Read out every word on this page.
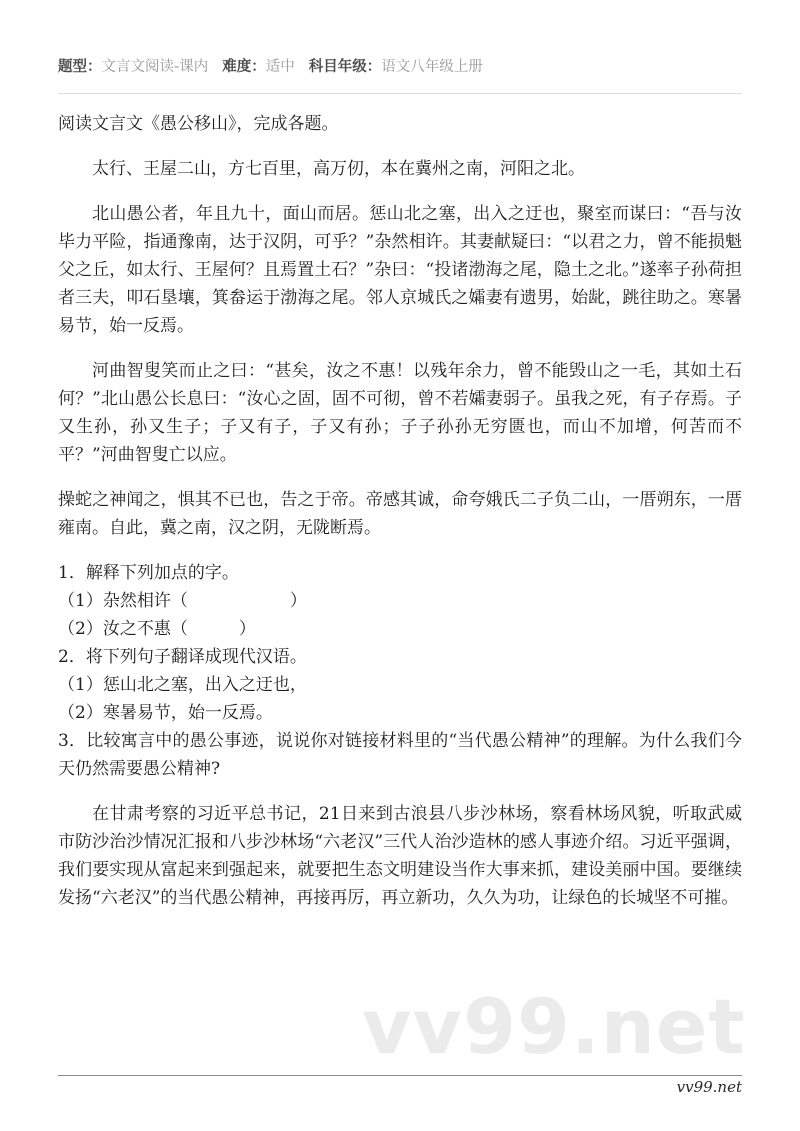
题型：文言文阅读-课内 难度：适中 科目年级：语文八年级上册

阅读文言文《愚公移山》，完成各题。

太行、王屋二山，方七百里，高万仞，本在冀州之南，河阳之北。

北山愚公者，年且九十，面山而居。惩山北之塞，出入之迂也，聚室而谋曰：“吾与汝毕力平险，指通豫南，达于汉阴，可乎？”杂然相许。其妻献疑曰：“以君之力，曾不能损魁父之丘，如太行、王屋何？且焉置土石？”杂曰：“投诸渤海之尾，隐土之北。”遂率子孙荷担者三夫，叩石垦壤，箕畚运于渤海之尾。邻人京城氏之孀妻有遗男，始龀，跳往助之。寒暑易节，始一反焉。

河曲智叟笑而止之曰：“甚矣，汝之不惠！以残年余力，曾不能毁山之一毛，其如土石何？”北山愚公长息曰：“汝心之固，固不可彻，曾不若孀妻弱子。虽我之死，有子存焉。子又生孙，孙又生子；子又有子，子又有孙；子子孙孙无穷匮也，而山不加增，何苦而不平？”河曲智叟亡以应。

操蛇之神闻之，惧其不已也，告之于帝。帝感其诚，命夸娥氏二子负二山，一厝朔东，一厝雍南。自此，冀之南，汉之阴，无陇断焉。

1．解释下列加点的字。

（1）杂然相许（　　　　　　）

（2）汝之不惠（　　　）

2．将下列句子翻译成现代汉语。

（1）惩山北之塞，出入之迂也，

（2）寒暑易节，始一反焉。

3．比较寓言中的愚公事迹，说说你对链接材料里的“当代愚公精神”的理解。为什么我们今天仍然需要愚公精神?

在甘肃考察的习近平总书记，21日来到古浪县八步沙林场，察看林场风貌，听取武威市防沙治沙情况汇报和八步沙林场“六老汉”三代人治沙造林的感人事迹介绍。习近平强调，我们要实现从富起来到强起来，就要把生态文明建设当作大事来抓，建设美丽中国。要继续发扬“六老汉”的当代愚公精神，再接再厉，再立新功，久久为功，让绿色的长城坚不可摧。

vv99.net
vv99.net
